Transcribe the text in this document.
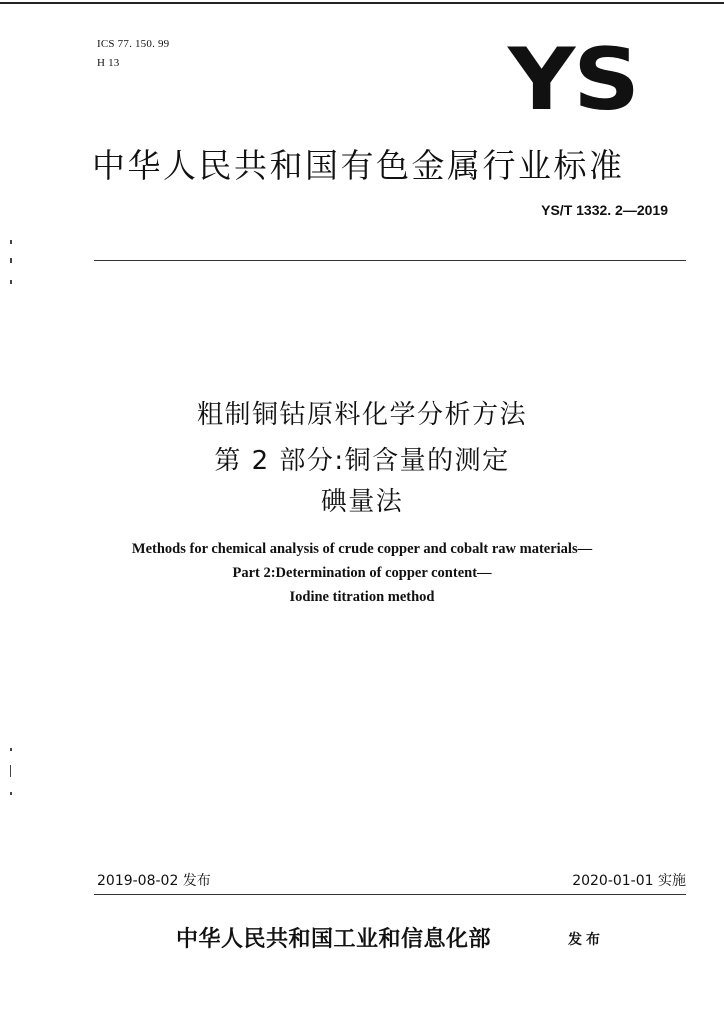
ICS 77. 150. 99
H 13	YS
中华人民共和国有色金属行业标准
YS/T 1332. 2—2019
粗制铜钴原料化学分析方法
第 2 部分:铜含量的测定
碘量法
Methods for chemical analysis of crude copper and cobalt raw materials—
Part 2:Determination of copper content—
Iodine titration method
2019-08-02 发布	2020-01-01 实施
中华人民共和国工业和信息化部	发布
